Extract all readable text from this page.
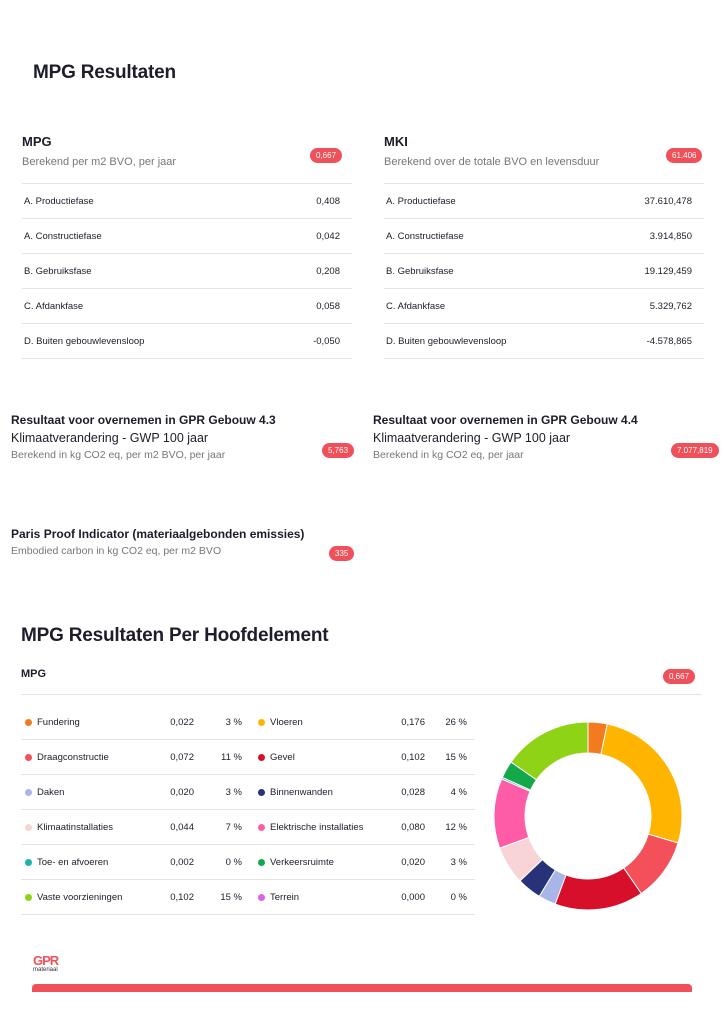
MPG Resultaten
MPG
Berekend per m2 BVO, per jaar
0,667
A. Productiefase	0,408
A. Constructiefase	0,042
B. Gebruiksfase	0,208
C. Afdankfase	0,058
D. Buiten gebouwlevensloop	-0,050
MKI
Berekend over de totale BVO en levensduur
61.406
A. Productiefase	37.610,478
A. Constructiefase	3.914,850
B. Gebruiksfase	19.129,459
C. Afdankfase	5.329,762
D. Buiten gebouwlevensloop	-4.578,865
Resultaat voor overnemen in GPR Gebouw 4.3
Klimaatverandering - GWP 100 jaar
Berekend in kg CO2 eq, per m2 BVO, per jaar	5,763
Resultaat voor overnemen in GPR Gebouw 4.4
Klimaatverandering - GWP 100 jaar
Berekend in kg CO2 eq, per jaar	7.077,819
Paris Proof Indicator (materiaalgebonden emissies)
Embodied carbon in kg CO2 eq, per m2 BVO	335
MPG Resultaten Per Hoofdelement
MPG	0,667
Fundering	0,022	3 %	Vloeren	0,176	26 %
Draagconstructie	0,072	11 %	Gevel	0,102	15 %
Daken	0,020	3 %	Binnenwanden	0,028	4 %
Klimaatinstallaties	0,044	7 %	Elektrische installaties	0,080	12 %
Toe- en afvoeren	0,002	0 %	Verkeersruimte	0,020	3 %
Vaste voorzieningen	0,102	15 %	Terrein	0,000	0 %
GPR
materiaal
